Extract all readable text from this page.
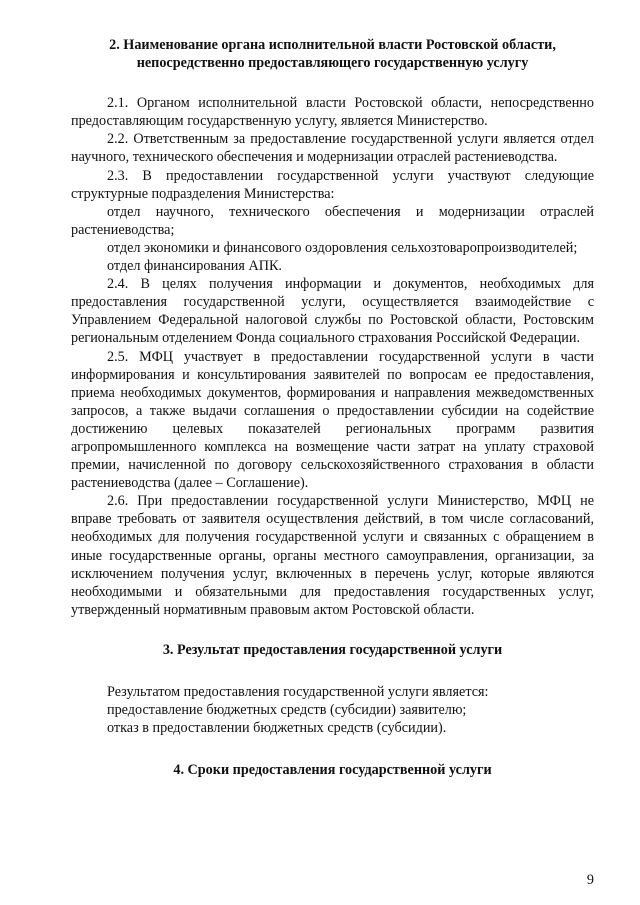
2. Наименование органа исполнительной власти Ростовской области, непосредственно предоставляющего государственную услугу

2.1. Органом исполнительной власти Ростовской области, непосредственно предоставляющим государственную услугу, является Министерство.

2.2. Ответственным за предоставление государственной услуги является отдел научного, технического обеспечения и модернизации отраслей растениеводства.

2.3. В предоставлении государственной услуги участвуют следующие структурные подразделения Министерства:

отдел научного, технического обеспечения и модернизации отраслей растениеводства;

отдел экономики и финансового оздоровления сельхозтоваропроизводителей;

отдел финансирования АПК.

2.4. В целях получения информации и документов, необходимых для предоставления государственной услуги, осуществляется взаимодействие с Управлением Федеральной налоговой службы по Ростовской области, Ростовским региональным отделением Фонда социального страхования Российской Федерации.

2.5. МФЦ участвует в предоставлении государственной услуги в части информирования и консультирования заявителей по вопросам ее предоставления, приема необходимых документов, формирования и направления межведомственных запросов, а также выдачи соглашения о предоставлении субсидии на содействие достижению целевых показателей региональных программ развития агропромышленного комплекса на возмещение части затрат на уплату страховой премии, начисленной по договору сельскохозяйственного страхования в области растениеводства (далее – Соглашение).

2.6. При предоставлении государственной услуги Министерство, МФЦ не вправе требовать от заявителя осуществления действий, в том числе согласований, необходимых для получения государственной услуги и связанных с обращением в иные государственные органы, органы местного самоуправления, организации, за исключением получения услуг, включенных в перечень услуг, которые являются необходимыми и обязательными для предоставления государственных услуг, утвержденный нормативным правовым актом Ростовской области.

3. Результат предоставления государственной услуги

Результатом предоставления государственной услуги является:

предоставление бюджетных средств (субсидии) заявителю;

отказ в предоставлении бюджетных средств (субсидии).

4. Сроки предоставления государственной услуги

9
